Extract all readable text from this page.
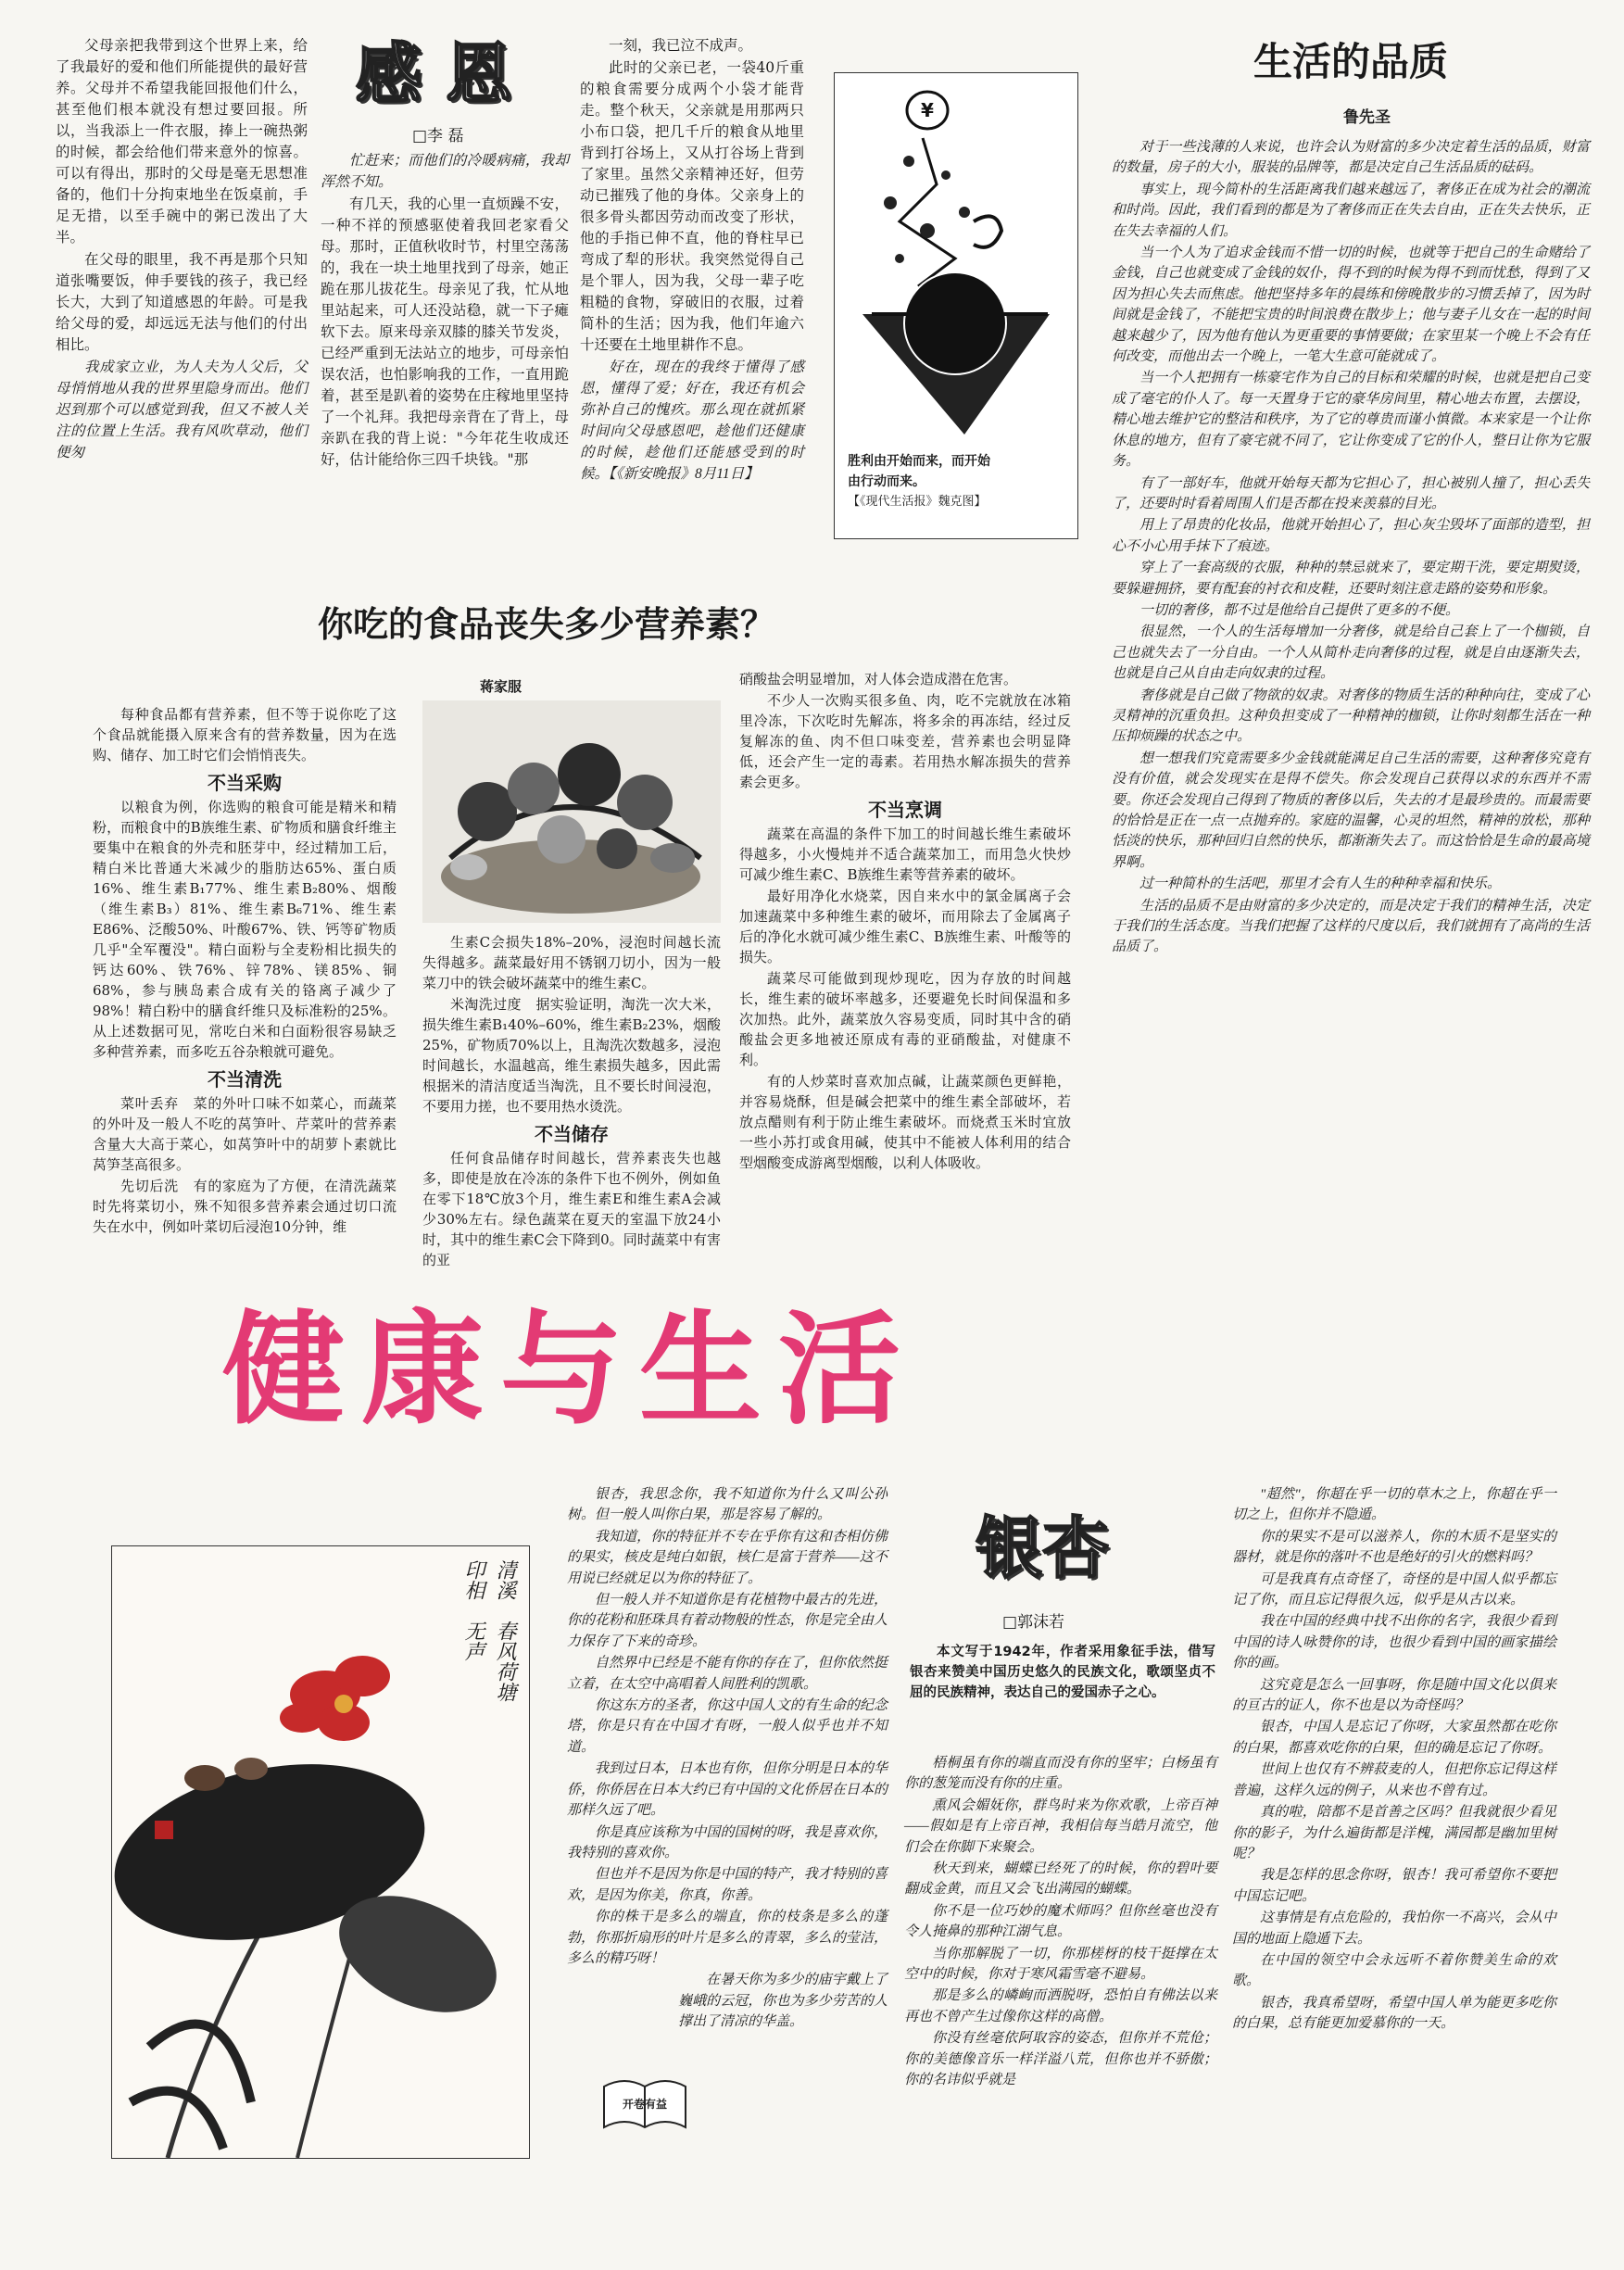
感 恩
□李 磊

父母亲把我带到这个世界上来，给了我最好的爱和他们所能提供的最好营养。父母并不希望我能回报他们什么，甚至他们根本就没有想过要回报。所以，当我添上一件衣服，捧上一碗热粥的时候，都会给他们带来意外的惊喜。可以有得出，那时的父母是毫无思想准备的，他们十分拘束地坐在饭桌前，手足无措，以至手碗中的粥已泼出了大半。

在父母的眼里，我不再是那个只知道张嘴要饭，伸手要钱的孩子，我已经长大，大到了知道感恩的年龄。可是我给父母的爱，却远远无法与他们的付出相比。

我成家立业，为人夫为人父后，父母悄悄地从我的世界里隐身而出。他们迟到那个可以感觉到我，但又不被人关注的位置上生活。我有风吹草动，他们便匆

忙赶来；而他们的冷暖病痛，我却浑然不知。

有几天，我的心里一直烦躁不安，一种不祥的预感驱使着我回老家看父母。那时，正值秋收时节，村里空荡荡的，我在一块土地里找到了母亲，她正跪在那儿拔花生。母亲见了我，忙从地里站起来，可人还没站稳，就一下子瘫软下去。原来母亲双膝的膝关节发炎，已经严重到无法站立的地步，可母亲怕误农活，也怕影响我的工作，一直用跪着，甚至是趴着的姿势在庄稼地里坚持了一个礼拜。我把母亲背在了背上，母亲趴在我的背上说："今年花生收成还好，估计能给你三四千块钱。"那

一刻，我已泣不成声。

此时的父亲已老，一袋40斤重的粮食需要分成两个小袋才能背走。整个秋天，父亲就是用那两只小布口袋，把几千斤的粮食从地里背到打谷场上，又从打谷场上背到了家里。虽然父亲精神还好，但劳动已摧残了他的身体。父亲身上的很多骨头都因劳动而改变了形状，他的手指已伸不直，他的脊柱早已弯成了犁的形状。我突然觉得自己是个罪人，因为我，父母一辈子吃粗糙的食物，穿破旧的衣服，过着简朴的生活；因为我，他们年逾六十还要在土地里耕作不息。

好在，现在的我终于懂得了感恩，懂得了爱；好在，我还有机会弥补自己的愧疚。那么现在就抓紧时间向父母感恩吧，趁他们还健康的时候，趁他们还能感受到的时候。【《新安晚报》8月11日】

¥
胜利由开始而来，而开始
由行动而来。
【《现代生活报》魏克图】
生活的品质
鲁先圣

对于一些浅薄的人来说，也许会认为财富的多少决定着生活的品质，财富的数量，房子的大小，服装的品牌等，都是决定自己生活品质的砝码。

事实上，现今简朴的生活距离我们越来越远了，奢侈正在成为社会的潮流和时尚。因此，我们看到的都是为了奢侈而正在失去自由，正在失去快乐，正在失去幸福的人们。

当一个人为了追求金钱而不惜一切的时候，也就等于把自己的生命赌给了金钱，自己也就变成了金钱的奴仆，得不到的时候为得不到而忧愁，得到了又因为担心失去而焦虑。他把坚持多年的晨练和傍晚散步的习惯丢掉了，因为时间就是金钱了，不能把宝贵的时间浪费在散步上；他与妻子儿女在一起的时间越来越少了，因为他有他认为更重要的事情要做；在家里某一个晚上不会有任何改变，而他出去一个晚上，一笔大生意可能就成了。

当一个人把拥有一栋豪宅作为自己的目标和荣耀的时候，也就是把自己变成了毫宅的仆人了。每一天置身于它的豪华房间里，精心地去布置，去摆设，精心地去维护它的整洁和秩序，为了它的尊贵而谨小慎微。本来家是一个让你休息的地方，但有了豪宅就不同了，它让你变成了它的仆人，整日让你为它服务。

有了一部好车，他就开始每天都为它担心了，担心被别人撞了，担心丢失了，还要时时看着周围人们是否都在投来羡慕的目光。

用上了昂贵的化妆品，他就开始担心了，担心灰尘毁坏了面部的造型，担心不小心用手抹下了痕迹。

穿上了一套高级的衣服，种种的禁忌就来了，要定期干洗，要定期熨烫，要躲避拥挤，要有配套的衬衣和皮鞋，还要时刻注意走路的姿势和形象。

一切的奢侈，都不过是他给自己提供了更多的不便。

很显然，一个人的生活每增加一分奢侈，就是给自己套上了一个枷锁，自己也就失去了一分自由。一个人从简朴走向奢侈的过程，就是自由逐渐失去，也就是自己从自由走向奴隶的过程。

奢侈就是自己做了物欲的奴隶。对奢侈的物质生活的种种向往，变成了心灵精神的沉重负担。这种负担变成了一种精神的枷锁，让你时刻都生活在一种压抑烦躁的状态之中。

想一想我们究竟需要多少金钱就能满足自己生活的需要，这种奢侈究竟有没有价值，就会发现实在是得不偿失。你会发现自己获得以求的东西并不需要。你还会发现自己得到了物质的奢侈以后，失去的才是最珍贵的。而最需要的恰恰是正在一点一点抛弃的。家庭的温馨，心灵的坦然，精神的放松，那种恬淡的快乐，那种回归自然的快乐，都渐渐失去了。而这恰恰是生命的最高境界啊。

过一种简朴的生活吧，那里才会有人生的种种幸福和快乐。

生活的品质不是由财富的多少决定的，而是决定于我们的精神生活，决定于我们的生活态度。当我们把握了这样的尺度以后，我们就拥有了高尚的生活品质了。

你吃的食品丧失多少营养素？

每种食品都有营养素，但不等于说你吃了这个食品就能摄入原来含有的营养数量，因为在选购、储存、加工时它们会悄悄丧失。

不当采购

以粮食为例，你选购的粮食可能是精米和精粉，而粮食中的B族维生素、矿物质和膳食纤维主要集中在粮食的外壳和胚芽中，经过精加工后，精白米比普通大米减少的脂肪达65%、蛋白质16%、维生素B₁77%、维生素B₂80%、烟酸（维生素B₃）81%、维生素B₆71%、维生素E86%、泛酸50%、叶酸67%、铁、钙等矿物质几乎"全军覆没"。精白面粉与全麦粉相比损失的钙达60%、铁76%、锌78%、镁85%、铜68%，参与胰岛素合成有关的铬离子减少了98%！精白粉中的膳食纤维只及标准粉的25%。从上述数据可见，常吃白米和白面粉很容易缺乏多种营养素，而多吃五谷杂粮就可避免。

不当清洗

菜叶丢弃　菜的外叶口味不如菜心，而蔬菜的外叶及一般人不吃的莴笋叶、芹菜叶的营养素含量大大高于菜心，如莴笋叶中的胡萝卜素就比莴笋茎高很多。

先切后洗　有的家庭为了方便，在清洗蔬菜时先将菜切小，殊不知很多营养素会通过切口流失在水中，例如叶菜切后浸泡10分钟，维

蒋家服

生素C会损失18%–20%，浸泡时间越长流失得越多。蔬菜最好用不锈钢刀切小，因为一般菜刀中的铁会破坏蔬菜中的维生素C。

米淘洗过度　据实验证明，淘洗一次大米，损失维生素B₁40%–60%，维生素B₂23%，烟酸25%，矿物质70%以上，且淘洗次数越多，浸泡时间越长，水温越高，维生素损失越多，因此需根据米的清洁度适当淘洗，且不要长时间浸泡，不要用力搓，也不要用热水烫洗。

不当储存

任何食品储存时间越长，营养素丧失也越多，即使是放在冷冻的条件下也不例外，例如鱼在零下18℃放3个月，维生素E和维生素A会减少30%左右。绿色蔬菜在夏天的室温下放24小时，其中的维生素C会下降到0。同时蔬菜中有害的亚

硝酸盐会明显增加，对人体会造成潜在危害。

不少人一次购买很多鱼、肉，吃不完就放在冰箱里冷冻，下次吃时先解冻，将多余的再冻结，经过反复解冻的鱼、肉不但口味变差，营养素也会明显降低，还会产生一定的毒素。若用热水解冻损失的营养素会更多。

不当烹调

蔬菜在高温的条件下加工的时间越长维生素破坏得越多，小火慢炖并不适合蔬菜加工，而用急火快炒可减少维生素C、B族维生素等营养素的破坏。

最好用净化水烧菜，因自来水中的氯金属离子会加速蔬菜中多种维生素的破坏，而用除去了金属离子后的净化水就可减少维生素C、B族维生素、叶酸等的损失。

蔬菜尽可能做到现炒现吃，因为存放的时间越长，维生素的破坏率越多，还要避免长时间保温和多次加热。此外，蔬菜放久容易变质，同时其中含的硝酸盐会更多地被还原成有毒的亚硝酸盐，对健康不利。

有的人炒菜时喜欢加点碱，让蔬菜颜色更鲜艳，并容易烧酥，但是碱会把菜中的维生素全部破坏，若放点醋则有利于防止维生素破坏。而烧煮玉米时宜放一些小苏打或食用碱，使其中不能被人体利用的结合型烟酸变成游离型烟酸，以利人体吸收。

健康与生活
清溪　春风荷塘　印相　无声

银杏，我思念你，我不知道你为什么又叫公孙树。但一般人叫你白果，那是容易了解的。

我知道，你的特征并不专在乎你有这和杏相仿佛的果实，核皮是纯白如银，核仁是富于营养——这不用说已经就足以为你的特征了。

但一般人并不知道你是有花植物中最古的先进，你的花粉和胚珠具有着动物般的性态，你是完全由人力保存了下来的奇珍。

自然界中已经是不能有你的存在了，但你依然挺立着，在太空中高唱着人间胜利的凯歌。

你这东方的圣者，你这中国人文的有生命的纪念塔，你是只有在中国才有呀，一般人似乎也并不知道。

我到过日本，日本也有你，但你分明是日本的华侨，你侨居在日本大约已有中国的文化侨居在日本的那样久远了吧。

你是真应该称为中国的国树的呀，我是喜欢你，我特别的喜欢你。

但也并不是因为你是中国的特产，我才特别的喜欢，是因为你美，你真，你善。

你的株干是多么的端直，你的枝条是多么的蓬勃，你那折扇形的叶片是多么的青翠，多么的莹洁，多么的精巧呀！

在暑天你为多少的庙宇戴上了巍峨的云冠，你也为多少劳苦的人撑出了清凉的华盖。

开卷有益
银杏
□郭沫若
本文写于1942年，作者采用象征手法，借写银杏来赞美中国历史悠久的民族文化，歌颂坚贞不屈的民族精神，表达自己的爱国赤子之心。

梧桐虽有你的端直而没有你的坚牢；白杨虽有你的葱笼而没有你的庄重。

熏风会媚妩你，群鸟时来为你欢歌，上帝百神——假如是有上帝百神，我相信每当皓月流空，他们会在你脚下来聚会。

秋天到来，蝴蝶已经死了的时候，你的碧叶要翻成金黄，而且又会飞出满园的蝴蝶。

你不是一位巧妙的魔术师吗？但你丝毫也没有令人掩鼻的那种江湖气息。

当你那解脱了一切，你那槎枒的枝干挺撑在太空中的时候，你对于寒风霜雪毫不避易。

那是多么的嶙峋而洒脱呀，恐怕自有佛法以来再也不曾产生过像你这样的高僧。

你没有丝毫依阿取容的姿态，但你并不荒伧；你的美德像音乐一样洋溢八荒，但你也并不骄傲；你的名讳似乎就是

"超然"，你超在乎一切的草木之上，你超在乎一切之上，但你并不隐遁。

你的果实不是可以滋养人，你的木质不是坚实的器材，就是你的落叶不也是绝好的引火的燃料吗？

可是我真有点奇怪了，奇怪的是中国人似乎都忘记了你，而且忘记得很久远，似乎是从古以来。

我在中国的经典中找不出你的名字，我很少看到中国的诗人咏赞你的诗，也很少看到中国的画家描绘你的画。

这究竟是怎么一回事呀，你是随中国文化以俱来的亘古的证人，你不也是以为奇怪吗？

银杏，中国人是忘记了你呀，大家虽然都在吃你的白果，都喜欢吃你的白果，但的确是忘记了你呀。

世间上也仅有不辨菽麦的人，但把你忘记得这样普遍，这样久远的例子，从来也不曾有过。

真的啦，陪都不是首善之区吗？但我就很少看见你的影子，为什么遍街都是洋槐，满园都是幽加里树呢？

我是怎样的思念你呀，银杏！我可希望你不要把中国忘记吧。

这事情是有点危险的，我怕你一不高兴，会从中国的地面上隐遁下去。

在中国的领空中会永远听不着你赞美生命的欢歌。

银杏，我真希望呀，希望中国人单为能更多吃你的白果，总有能更加爱慕你的一天。
